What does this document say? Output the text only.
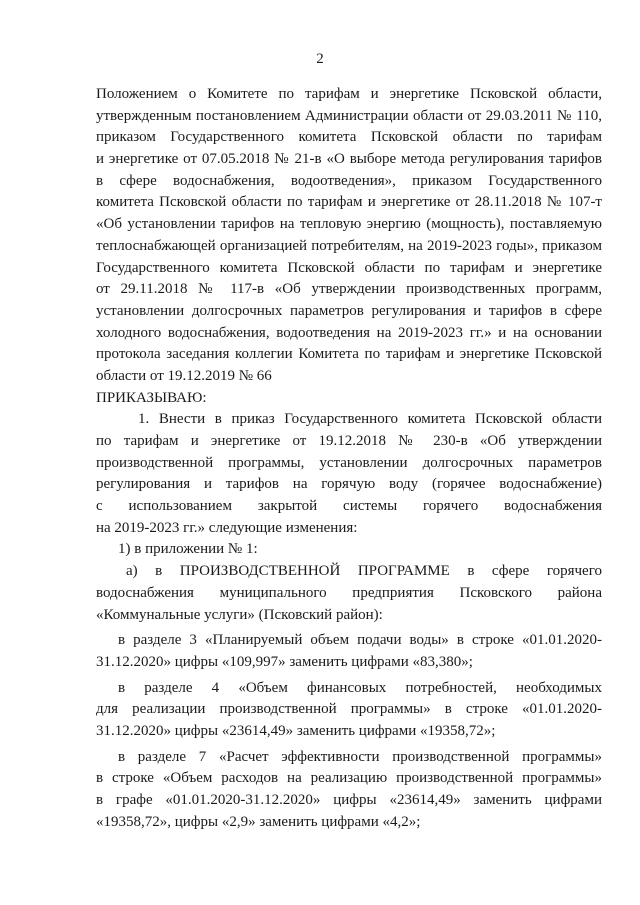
2
Положением о Комитете по тарифам и энергетике Псковской области,
утвержденным постановлением Администрации области от 29.03.2011 № 110,
приказом Государственного комитета Псковской области по тарифам
и энергетике от 07.05.2018 № 21-в «О выборе метода регулирования тарифов
в сфере водоснабжения, водоотведения», приказом Государственного
комитета Псковской области по тарифам и энергетике от 28.11.2018 № 107-т
«Об установлении тарифов на тепловую энергию (мощность), поставляемую
теплоснабжающей организацией потребителям, на 2019-2023 годы», приказом
Государственного комитета Псковской области по тарифам и энергетике
от 29.11.2018 № 117-в «Об утверждении производственных программ,
установлении долгосрочных параметров регулирования и тарифов в сфере
холодного водоснабжения, водоотведения на 2019-2023 гг.» и на основании
протокола заседания коллегии Комитета по тарифам и энергетике Псковской
области от 19.12.2019 № 66
ПРИКАЗЫВАЮ:
1. Внести в приказ Государственного комитета Псковской области
по тарифам и энергетике от 19.12.2018 № 230-в «Об утверждении
производственной программы, установлении долгосрочных параметров
регулирования и тарифов на горячую воду (горячее водоснабжение)
с использованием закрытой системы горячего водоснабжения
на 2019-2023 гг.» следующие изменения:
1) в приложении № 1:
а) в ПРОИЗВОДСТВЕННОЙ ПРОГРАММЕ в сфере горячего
водоснабжения муниципального предприятия Псковского района
«Коммунальные услуги» (Псковский район):
в разделе 3 «Планируемый объем подачи воды» в строке «01.01.2020-
31.12.2020» цифры «109,997» заменить цифрами «83,380»;
в разделе 4 «Объем финансовых потребностей, необходимых
для реализации производственной программы» в строке «01.01.2020-
31.12.2020» цифры «23614,49» заменить цифрами «19358,72»;
в разделе 7 «Расчет эффективности производственной программы»
в строке «Объем расходов на реализацию производственной программы»
в графе «01.01.2020-31.12.2020» цифры «23614,49» заменить цифрами
«19358,72», цифры «2,9» заменить цифрами «4,2»;
